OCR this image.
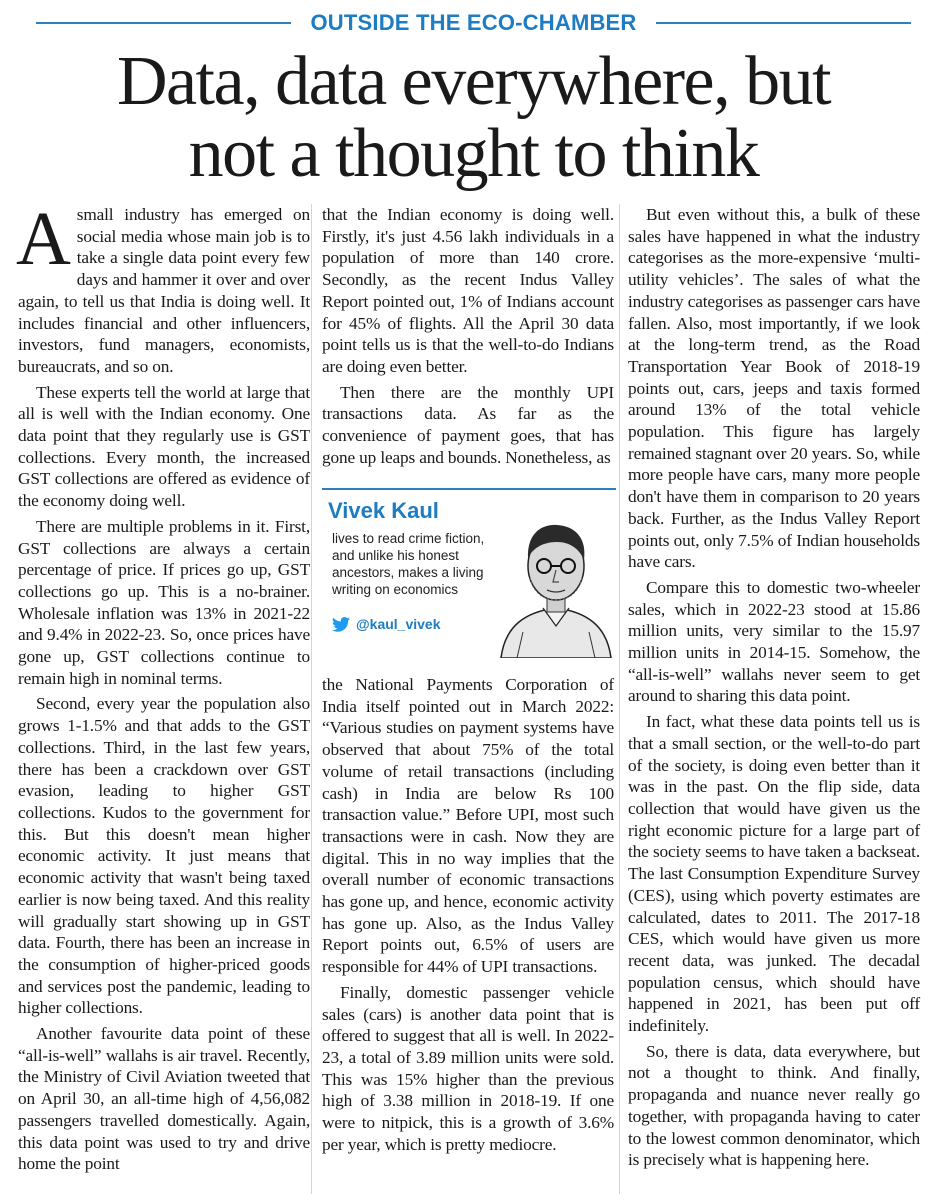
OUTSIDE THE ECO-CHAMBER
Data, data everywhere, but
not a thought to think

A small industry has emerged on social media whose main job is to take a single data point every few days and hammer it over and over again, to tell us that India is doing well. It includes financial and other influencers, investors, fund managers, economists, bureaucrats, and so on.

These experts tell the world at large that all is well with the Indian economy. One data point that they regularly use is GST collections. Every month, the increased GST collections are offered as evidence of the economy doing well.

There are multiple problems in it. First, GST collections are always a certain percentage of price. If prices go up, GST collections go up. This is a no-brainer. Wholesale inflation was 13% in 2021-22 and 9.4% in 2022-23. So, once prices have gone up, GST collections continue to remain high in nominal terms.

Second, every year the population also grows 1-1.5% and that adds to the GST collections. Third, in the last few years, there has been a crackdown over GST evasion, leading to higher GST collections. Kudos to the government for this. But this doesn't mean higher economic activity. It just means that economic activity that wasn't being taxed earlier is now being taxed. And this reality will gradually start showing up in GST data. Fourth, there has been an increase in the consumption of higher-priced goods and services post the pandemic, leading to higher collections.

Another favourite data point of these “all-is-well” wallahs is air travel. Recently, the Ministry of Civil Aviation tweeted that on April 30, an all-time high of 4,56,082 passengers travelled domestically. Again, this data point was used to try and drive home the point

that the Indian economy is doing well. Firstly, it's just 4.56 lakh individuals in a population of more than 140 crore. Secondly, as the recent Indus Valley Report pointed out, 1% of Indians account for 45% of flights. All the April 30 data point tells us is that the well-to-do Indians are doing even better.

Then there are the monthly UPI transactions data. As far as the convenience of payment goes, that has gone up leaps and bounds. Nonetheless, as

Vivek Kaul
lives to read crime fiction, and unlike his honest ancestors, makes a living writing on economics
@kaul_vivek

the National Payments Corporation of India itself pointed out in March 2022: “Various studies on payment systems have observed that about 75% of the total volume of retail transactions (including cash) in India are below Rs 100 transaction value.” Before UPI, most such transactions were in cash. Now they are digital. This in no way implies that the overall number of economic transactions has gone up, and hence, economic activity has gone up. Also, as the Indus Valley Report points out, 6.5% of users are responsible for 44% of UPI transactions.

Finally, domestic passenger vehicle sales (cars) is another data point that is offered to suggest that all is well. In 2022-23, a total of 3.89 million units were sold. This was 15% higher than the previous high of 3.38 million in 2018-19. If one were to nitpick, this is a growth of 3.6% per year, which is pretty mediocre.

But even without this, a bulk of these sales have happened in what the industry categorises as the more-expensive ‘multi-utility vehicles’. The sales of what the industry categorises as passenger cars have fallen. Also, most importantly, if we look at the long-term trend, as the Road Transportation Year Book of 2018-19 points out, cars, jeeps and taxis formed around 13% of the total vehicle population. This figure has largely remained stagnant over 20 years. So, while more people have cars, many more people don't have them in comparison to 20 years back. Further, as the Indus Valley Report points out, only 7.5% of Indian households have cars.

Compare this to domestic two-wheeler sales, which in 2022-23 stood at 15.86 million units, very similar to the 15.97 million units in 2014-15. Somehow, the “all-is-well” wallahs never seem to get around to sharing this data point.

In fact, what these data points tell us is that a small section, or the well-to-do part of the society, is doing even better than it was in the past. On the flip side, data collection that would have given us the right economic picture for a large part of the society seems to have taken a backseat. The last Consumption Expenditure Survey (CES), using which poverty estimates are calculated, dates to 2011. The 2017-18 CES, which would have given us more recent data, was junked. The decadal population census, which should have happened in 2021, has been put off indefinitely.

So, there is data, data everywhere, but not a thought to think. And finally, propaganda and nuance never really go together, with propaganda having to cater to the lowest common denominator, which is precisely what is happening here.
